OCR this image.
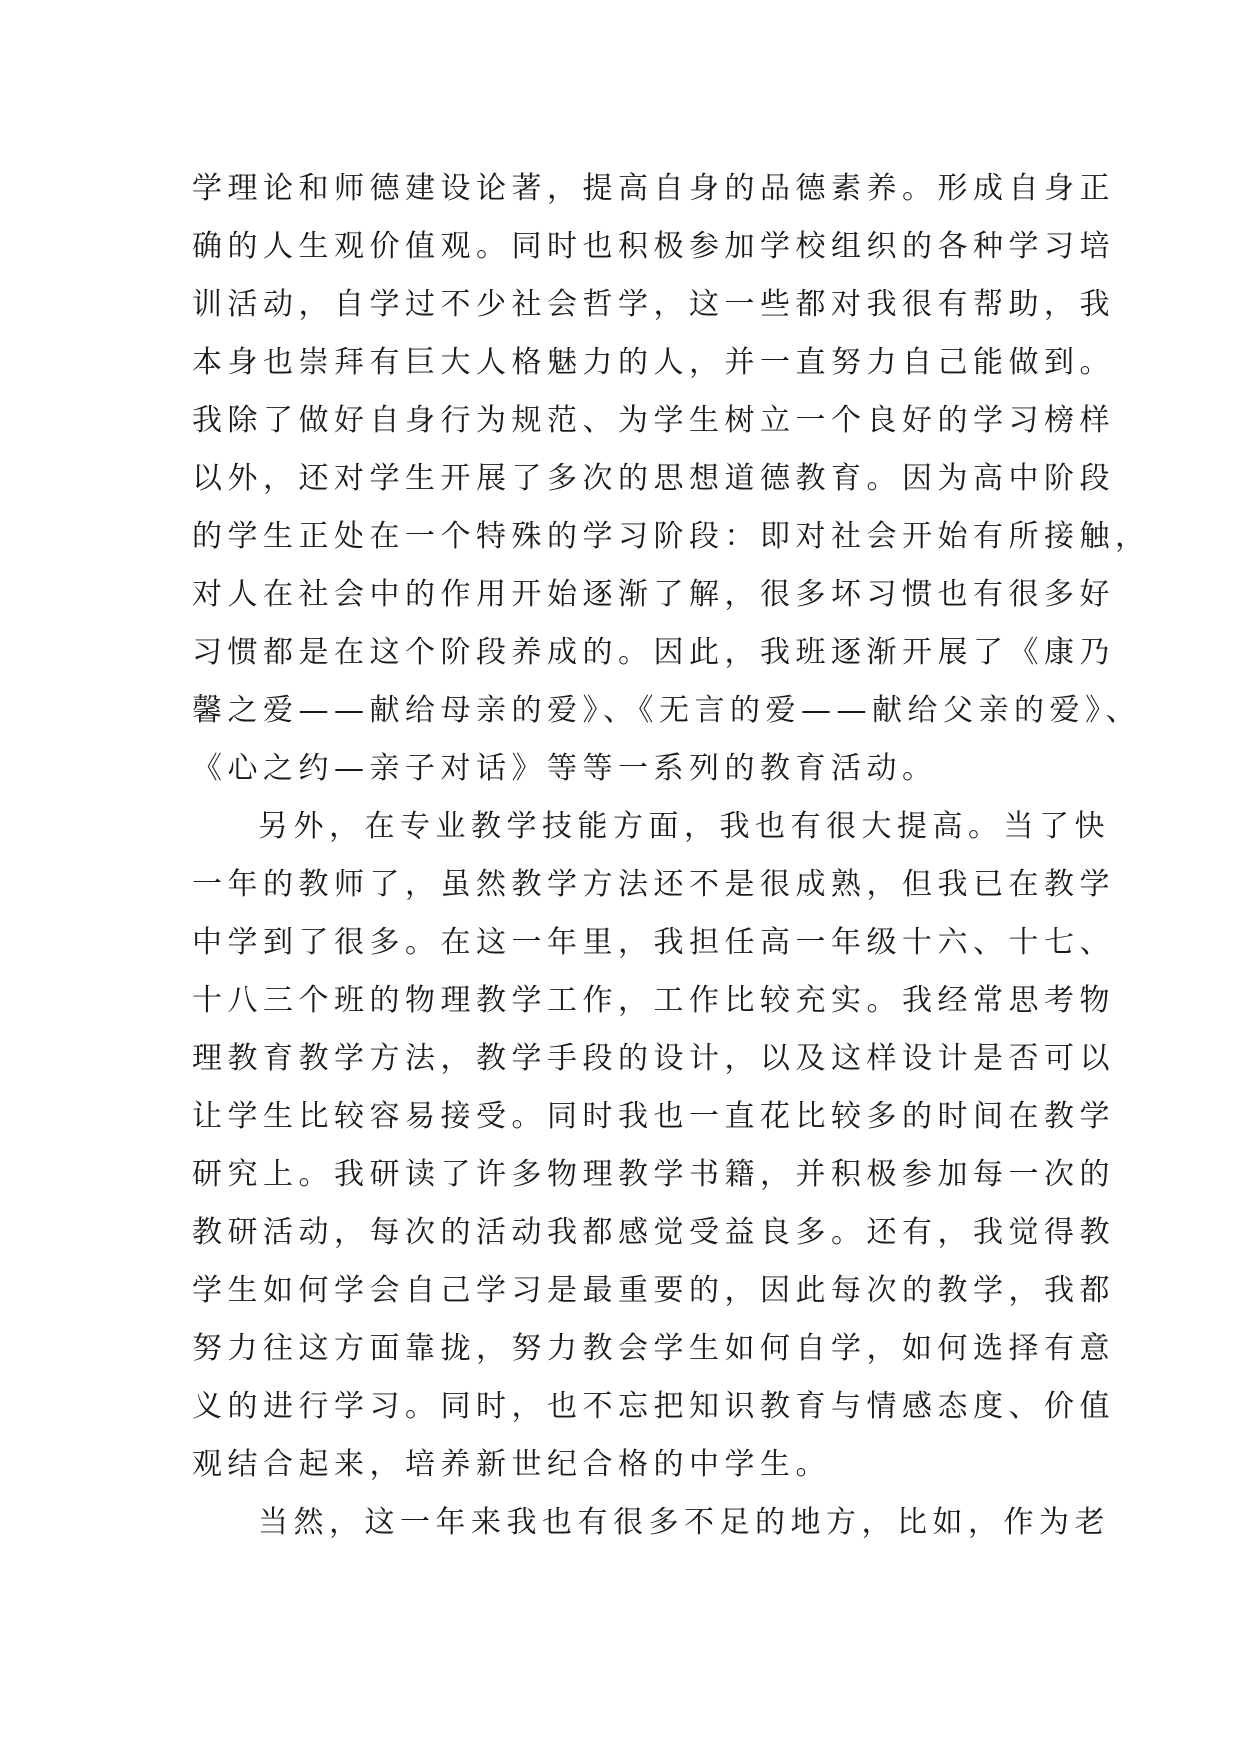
学理论和师德建设论著，提高自身的品德素养。形成自身正
确的人生观价值观。同时也积极参加学校组织的各种学习培
训活动，自学过不少社会哲学，这一些都对我很有帮助，我
本身也崇拜有巨大人格魅力的人，并一直努力自己能做到。
我除了做好自身行为规范、为学生树立一个良好的学习榜样
以外，还对学生开展了多次的思想道德教育。因为高中阶段
的学生正处在一个特殊的学习阶段：即对社会开始有所接触，
对人在社会中的作用开始逐渐了解，很多坏习惯也有很多好
习惯都是在这个阶段养成的。因此，我班逐渐开展了《康乃
馨之爱——献给母亲的爱》、《无言的爱——献给父亲的爱》、
《心之约—亲子对话》等等一系列的教育活动。
另外，在专业教学技能方面，我也有很大提高。当了快
一年的教师了，虽然教学方法还不是很成熟，但我已在教学
中学到了很多。在这一年里，我担任高一年级十六、十七、
十八三个班的物理教学工作，工作比较充实。我经常思考物
理教育教学方法，教学手段的设计，以及这样设计是否可以
让学生比较容易接受。同时我也一直花比较多的时间在教学
研究上。我研读了许多物理教学书籍，并积极参加每一次的
教研活动，每次的活动我都感觉受益良多。还有，我觉得教
学生如何学会自己学习是最重要的，因此每次的教学，我都
努力往这方面靠拢，努力教会学生如何自学，如何选择有意
义的进行学习。同时，也不忘把知识教育与情感态度、价值
观结合起来，培养新世纪合格的中学生。
当然，这一年来我也有很多不足的地方，比如，作为老
